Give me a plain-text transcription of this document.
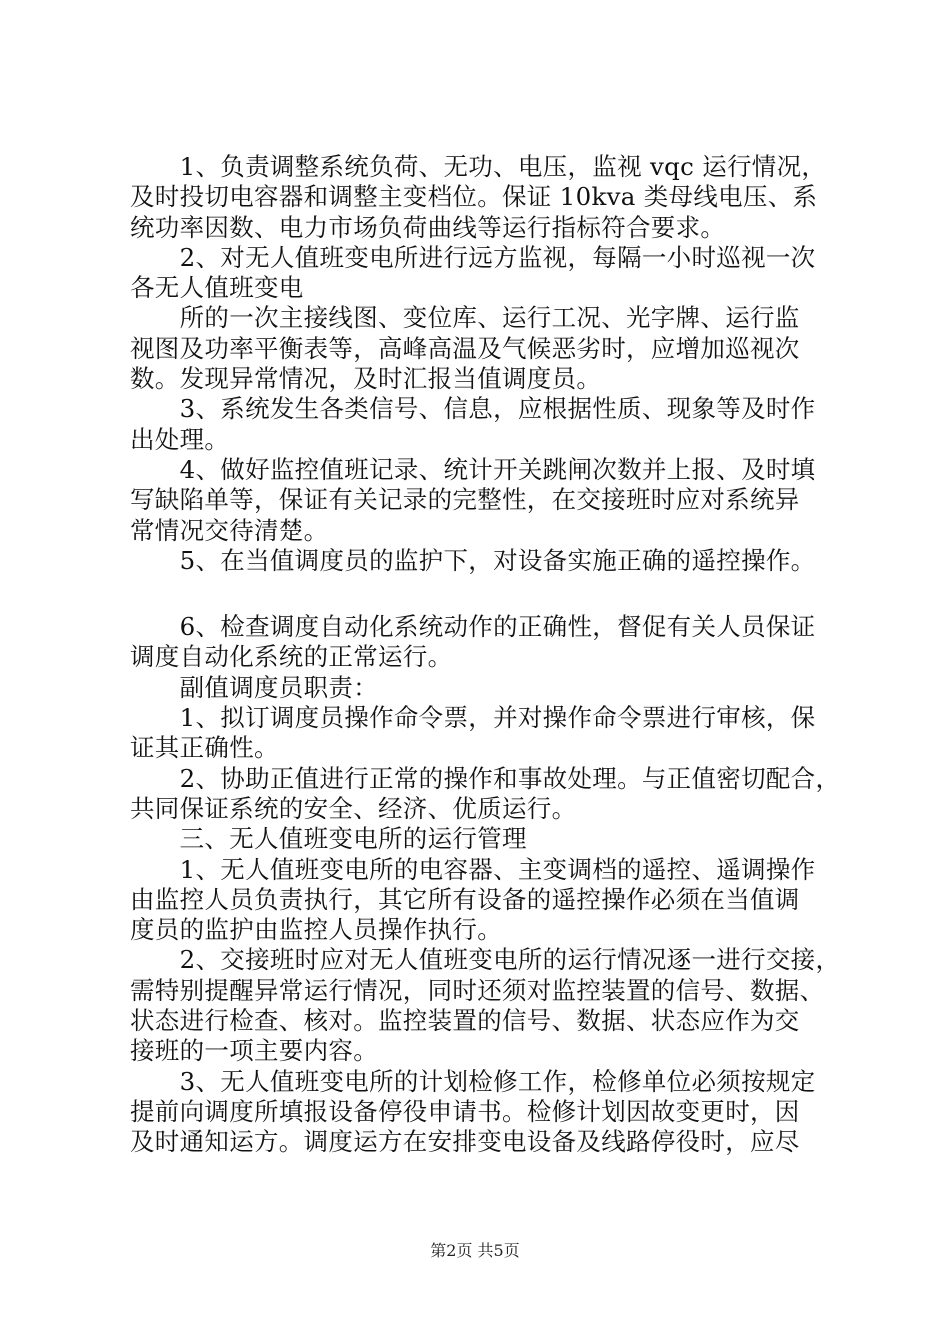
　　1、负责调整系统负荷、无功、电压，监视 vqc 运行情况，
及时投切电容器和调整主变档位。保证 10kva 类母线电压、系
统功率因数、电力市场负荷曲线等运行指标符合要求。
　　2、对无人值班变电所进行远方监视，每隔一小时巡视一次
各无人值班变电
　　所的一次主接线图、变位库、运行工况、光字牌、运行监
视图及功率平衡表等，高峰高温及气候恶劣时，应增加巡视次
数。发现异常情况，及时汇报当值调度员。
　　3、系统发生各类信号、信息，应根据性质、现象等及时作
出处理。
　　4、做好监控值班记录、统计开关跳闸次数并上报、及时填
写缺陷单等，保证有关记录的完整性，在交接班时应对系统异
常情况交待清楚。
　　5、在当值调度员的监护下，对设备实施正确的遥控操作。
　　6、检查调度自动化系统动作的正确性，督促有关人员保证
调度自动化系统的正常运行。
　　副值调度员职责：
　　1、拟订调度员操作命令票，并对操作命令票进行审核，保
证其正确性。
　　2、协助正值进行正常的操作和事故处理。与正值密切配合，
共同保证系统的安全、经济、优质运行。
　　三、无人值班变电所的运行管理
　　1、无人值班变电所的电容器、主变调档的遥控、遥调操作
由监控人员负责执行，其它所有设备的遥控操作必须在当值调
度员的监护由监控人员操作执行。
　　2、交接班时应对无人值班变电所的运行情况逐一进行交接，
需特别提醒异常运行情况，同时还须对监控装置的信号、数据、
状态进行检查、核对。监控装置的信号、数据、状态应作为交
接班的一项主要内容。
　　3、无人值班变电所的计划检修工作，检修单位必须按规定
提前向调度所填报设备停役申请书。检修计划因故变更时，因
及时通知运方。调度运方在安排变电设备及线路停役时，应尽
第2页 共5页
